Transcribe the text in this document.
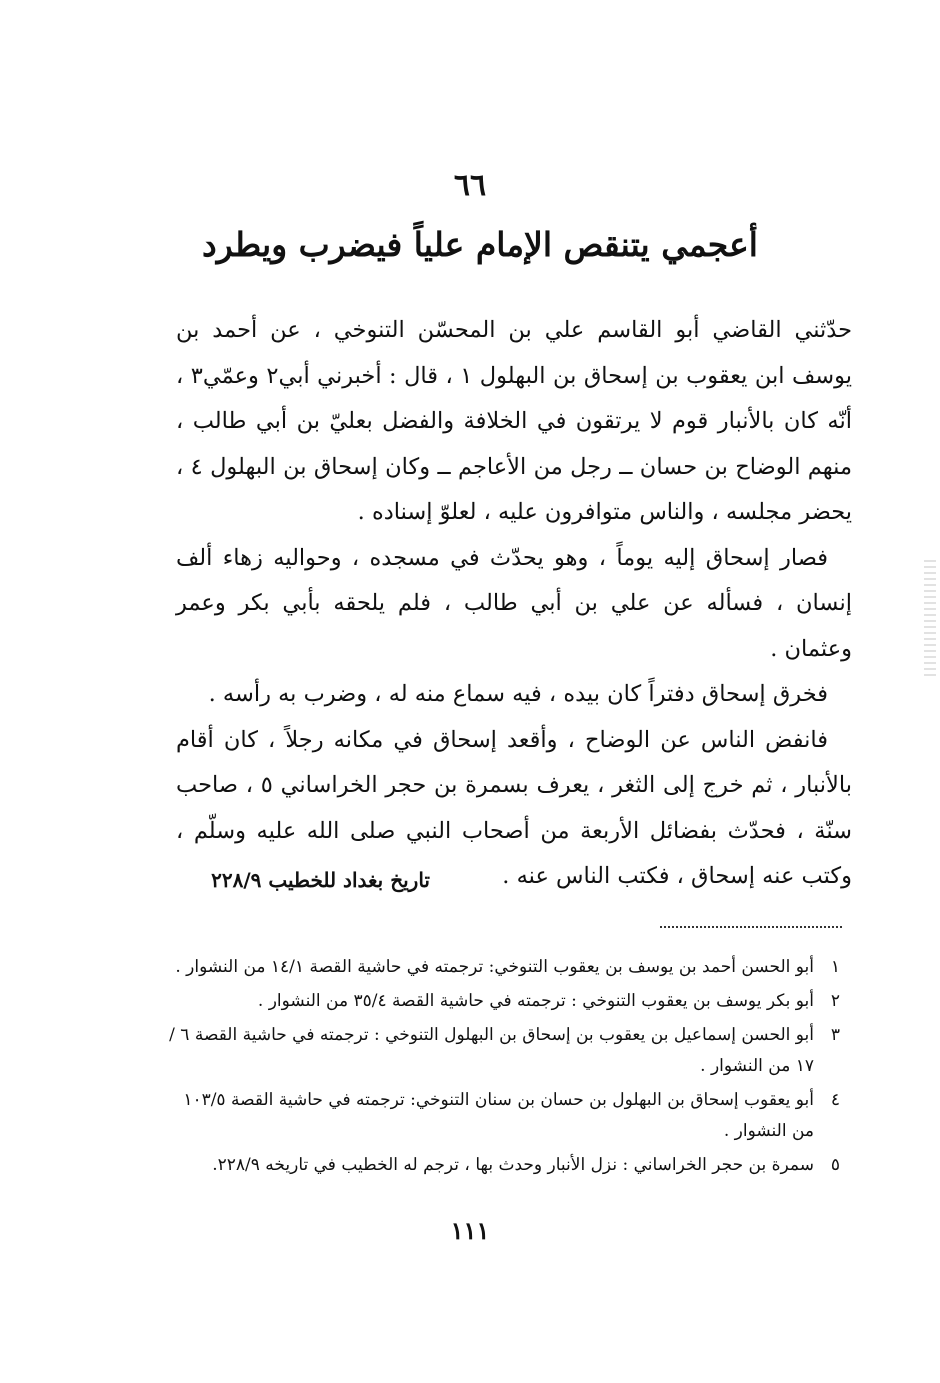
٦٦
أعجمي يتنقص الإمام علياً فيضرب ويطرد

حدّثني القاضي أبو القاسم علي بن المحسّن التنوخي ، عن أحمد بن يوسف ابن يعقوب بن إسحاق بن البهلول ١ ، قال : أخبرني أبي٢ وعمّي٣ ، أنّه كان بالأنبار قوم لا يرتقون في الخلافة والفضل بعليّ بن أبي طالب ، منهم الوضاح بن حسان ــ رجل من الأعاجم ــ وكان إسحاق بن البهلول ٤ ، يحضر مجلسه ، والناس متوافرون عليه ، لعلوّ إسناده .

فصار إسحاق إليه يوماً ، وهو يحدّث في مسجده ، وحواليه زهاء ألف إنسان ، فسأله عن علي بن أبي طالب ، فلم يلحقه بأبي بكر وعمر وعثمان .

فخرق إسحاق دفتراً كان بيده ، فيه سماع منه له ، وضرب به رأسه .

فانفض الناس عن الوضاح ، وأقعد إسحاق في مكانه رجلاً ، كان أقام بالأنبار ، ثم خرج إلى الثغر ، يعرف بسمرة بن حجر الخراساني ٥ ، صاحب سنّة ، فحدّث بفضائل الأربعة من أصحاب النبي صلى الله عليه وسلّم ، وكتب عنه إسحاق ، فكتب الناس عنه .

تاريخ بغداد للخطيب ٢٢٨/٩
١
أبو الحسن أحمد بن يوسف بن يعقوب التنوخي: ترجمته في حاشية القصة ١٤/١ من النشوار .
٢
أبو بكر يوسف بن يعقوب التنوخي : ترجمته في حاشية القصة ٣٥/٤ من النشوار .
٣
أبو الحسن إسماعيل بن يعقوب بن إسحاق بن البهلول التنوخي : ترجمته في حاشية القصة ٦ / ١٧ من النشوار .
٤
أبو يعقوب إسحاق بن البهلول بن حسان بن سنان التنوخي: ترجمته في حاشية القصة ١٠٣/٥ من النشوار .
٥
سمرة بن حجر الخراساني : نزل الأنبار وحدث بها ، ترجم له الخطيب في تاريخه ٢٢٨/٩.
١١١
